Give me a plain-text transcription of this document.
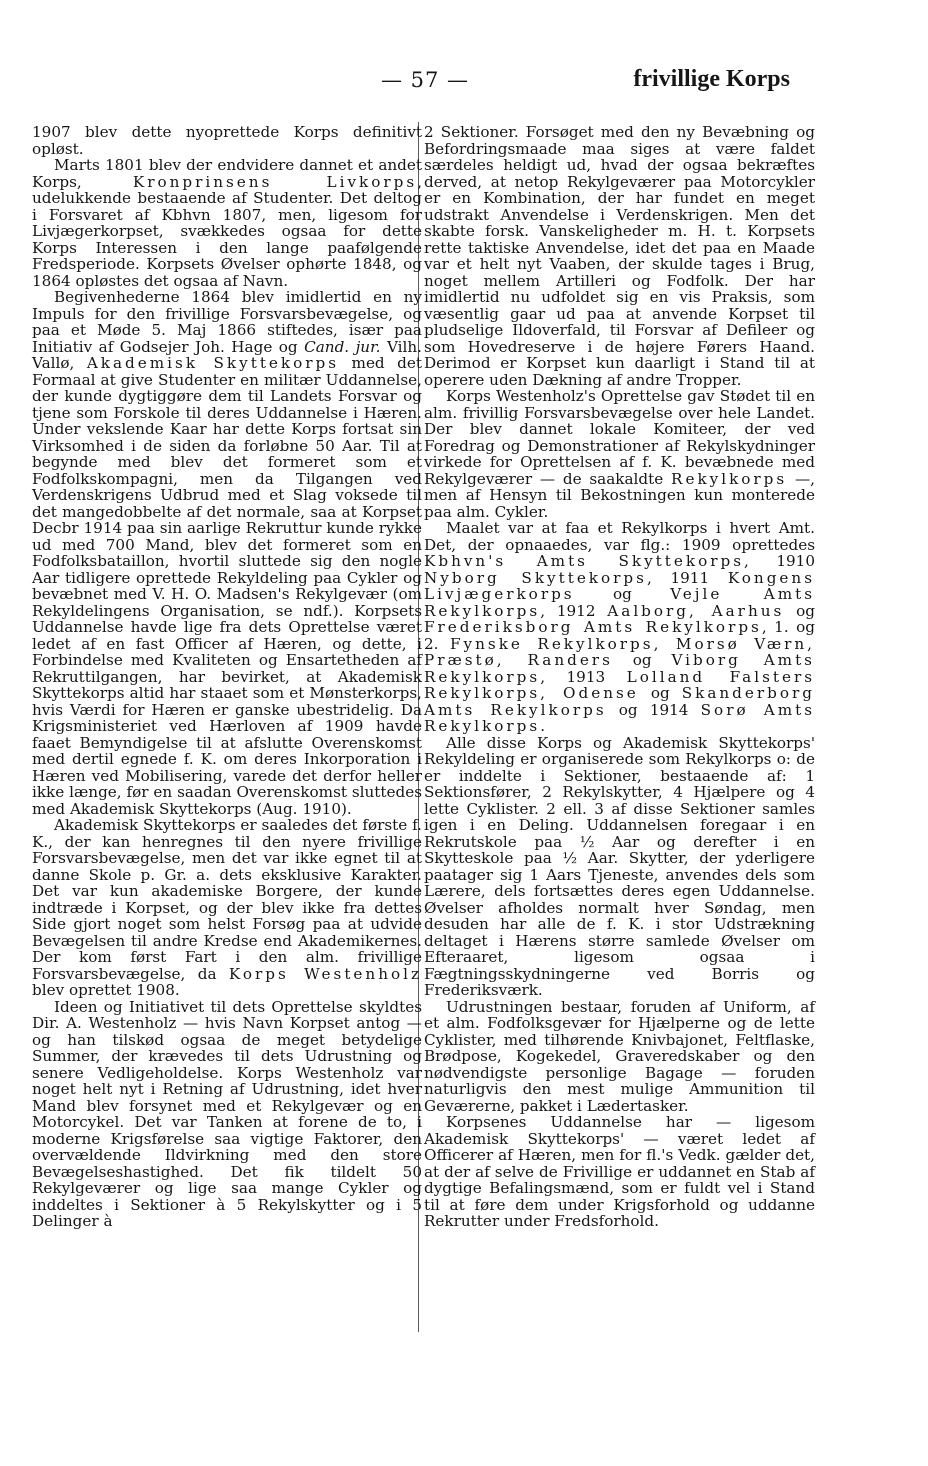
— 57 —	frivillige Korps

1907 blev dette nyoprettede Korps definitivt opløst.

Marts 1801 blev der endvidere dannet et andet Korps, Kronprinsens Livkorps, udelukkende bestaaende af Studenter. Det deltog i Forsvaret af Kbhvn 1807, men, ligesom for Livjægerkorpset, svækkedes ogsaa for dette Korps Interessen i den lange paafølgende Fredsperiode. Korpsets Øvelser ophørte 1848, og 1864 opløstes det ogsaa af Navn.

Begivenhederne 1864 blev imidlertid en ny Impuls for den frivillige Forsvarsbevægelse, og paa et Møde 5. Maj 1866 stiftedes, især paa Initiativ af Godsejer Joh. Hage og Cand. jur. Vilh. Vallø, Akademisk Skyttekorps med det Formaal at give Studenter en militær Uddannelse, der kunde dygtiggøre dem til Landets Forsvar og tjene som Forskole til deres Uddannelse i Hæren. Under vekslende Kaar har dette Korps fortsat sin Virksomhed i de siden da forløbne 50 Aar. Til at begynde med blev det formeret som et Fodfolkskompagni, men da Tilgangen ved Verdenskrigens Udbrud med et Slag voksede til det mangedobbelte af det normale, saa at Korpset Decbr 1914 paa sin aarlige Rekruttur kunde rykke ud med 700 Mand, blev det formeret som en Fodfolksbataillon, hvortil sluttede sig den nogle Aar tidligere oprettede Rekyldeling paa Cykler og bevæbnet med V. H. O. Madsen's Rekylgevær (om Rekyldelingens Organisation, se ndf.). Korpsets Uddannelse havde lige fra dets Oprettelse været ledet af en fast Officer af Hæren, og dette, i Forbindelse med Kvaliteten og Ensartetheden af Rekruttilgangen, har bevirket, at Akademisk Skyttekorps altid har staaet som et Mønsterkorps, hvis Værdi for Hæren er ganske ubestridelig. Da Krigsministeriet ved Hærloven af 1909 havde faaet Bemyndigelse til at afslutte Overenskomst med dertil egnede f. K. om deres Inkorporation i Hæren ved Mobilisering, varede det derfor heller ikke længe, før en saadan Overenskomst sluttedes med Akademisk Skyttekorps (Aug. 1910).

Akademisk Skyttekorps er saaledes det første f. K., der kan henregnes til den nyere frivillige Forsvarsbevægelse, men det var ikke egnet til at danne Skole p. Gr. a. dets eksklusive Karakter. Det var kun akademiske Borgere, der kunde indtræde i Korpset, og der blev ikke fra dettes Side gjort noget som helst Forsøg paa at udvide Bevægelsen til andre Kredse end Akademikernes. Der kom først Fart i den alm. frivillige Forsvarsbevægelse, da Korps Westenholz blev oprettet 1908.

Ideen og Initiativet til dets Oprettelse skyldtes Dir. A. Westenholz — hvis Navn Korpset antog — og han tilskød ogsaa de meget betydelige Summer, der krævedes til dets Udrustning og senere Vedligeholdelse. Korps Westenholz var noget helt nyt i Retning af Udrustning, idet hver Mand blev forsynet med et Rekylgevær og en Motorcykel. Det var Tanken at forene de to, i moderne Krigsførelse saa vigtige Faktorer, den overvældende Ildvirkning med den store Bevægelseshastighed. Det fik tildelt 50 Rekylgeværer og lige saa mange Cykler og inddeltes i Sektioner à 5 Rekylskytter og i 5 Delinger à

2 Sektioner. Forsøget med den ny Bevæbning og Befordringsmaade maa siges at være faldet særdeles heldigt ud, hvad der ogsaa bekræftes derved, at netop Rekylgeværer paa Motorcykler er en Kombination, der har fundet en meget udstrakt Anvendelse i Verdenskrigen. Men det skabte forsk. Vanskeligheder m. H. t. Korpsets rette taktiske Anvendelse, idet det paa en Maade var et helt nyt Vaaben, der skulde tages i Brug, noget mellem Artilleri og Fodfolk. Der har imidlertid nu udfoldet sig en vis Praksis, som væsentlig gaar ud paa at anvende Korpset til pludselige Ildoverfald, til Forsvar af Defileer og som Hovedreserve i de højere Førers Haand. Derimod er Korpset kun daarligt i Stand til at operere uden Dækning af andre Tropper.

Korps Westenholz's Oprettelse gav Stødet til en alm. frivillig Forsvarsbevægelse over hele Landet. Der blev dannet lokale Komiteer, der ved Foredrag og Demonstrationer af Rekylskydninger virkede for Oprettelsen af f. K. bevæbnede med Rekylgeværer — de saakaldte Rekylkorps —, men af Hensyn til Bekostningen kun monterede paa alm. Cykler.

Maalet var at faa et Rekylkorps i hvert Amt. Det, der opnaaedes, var flg.: 1909 oprettedes Kbhvn's Amts Skyttekorps, 1910 Nyborg Skyttekorps, 1911 Kongens Livjægerkorps og Vejle Amts Rekylkorps, 1912 Aalborg, Aarhus og Frederiksborg Amts Rekylkorps, 1. og 2. Fynske Rekylkorps, Morsø Værn, Præstø, Randers og Viborg Amts Rekylkorps, 1913 Lolland Falsters Rekylkorps, Odense og Skanderborg Amts Rekylkorps og 1914 Sorø Amts Rekylkorps.

Alle disse Korps og Akademisk Skyttekorps' Rekyldeling er organiserede som Rekylkorps o: de er inddelte i Sektioner, bestaaende af: 1 Sektionsfører, 2 Rekylskytter, 4 Hjælpere og 4 lette Cyklister. 2 ell. 3 af disse Sektioner samles igen i en Deling. Uddannelsen foregaar i en Rekrutskole paa ½ Aar og derefter i en Skytteskole paa ½ Aar. Skytter, der yderligere paatager sig 1 Aars Tjeneste, anvendes dels som Lærere, dels fortsættes deres egen Uddannelse. Øvelser afholdes normalt hver Søndag, men desuden har alle de f. K. i stor Udstrækning deltaget i Hærens større samlede Øvelser om Efteraaret, ligesom ogsaa i Fægtningsskydningerne ved Borris og Frederiksværk.

Udrustningen bestaar, foruden af Uniform, af et alm. Fodfolksgevær for Hjælperne og de lette Cyklister, med tilhørende Knivbajonet, Feltflaske, Brødpose, Kogekedel, Graveredskaber og den nødvendigste personlige Bagage — foruden naturligvis den mest mulige Ammunition til Geværerne, pakket i Lædertasker.

Korpsenes Uddannelse har — ligesom Akademisk Skyttekorps' — været ledet af Officerer af Hæren, men for fl.'s Vedk. gælder det, at der af selve de Frivillige er uddannet en Stab af dygtige Befalingsmænd, som er fuldt vel i Stand til at føre dem under Krigsforhold og uddanne Rekrutter under Fredsforhold.
